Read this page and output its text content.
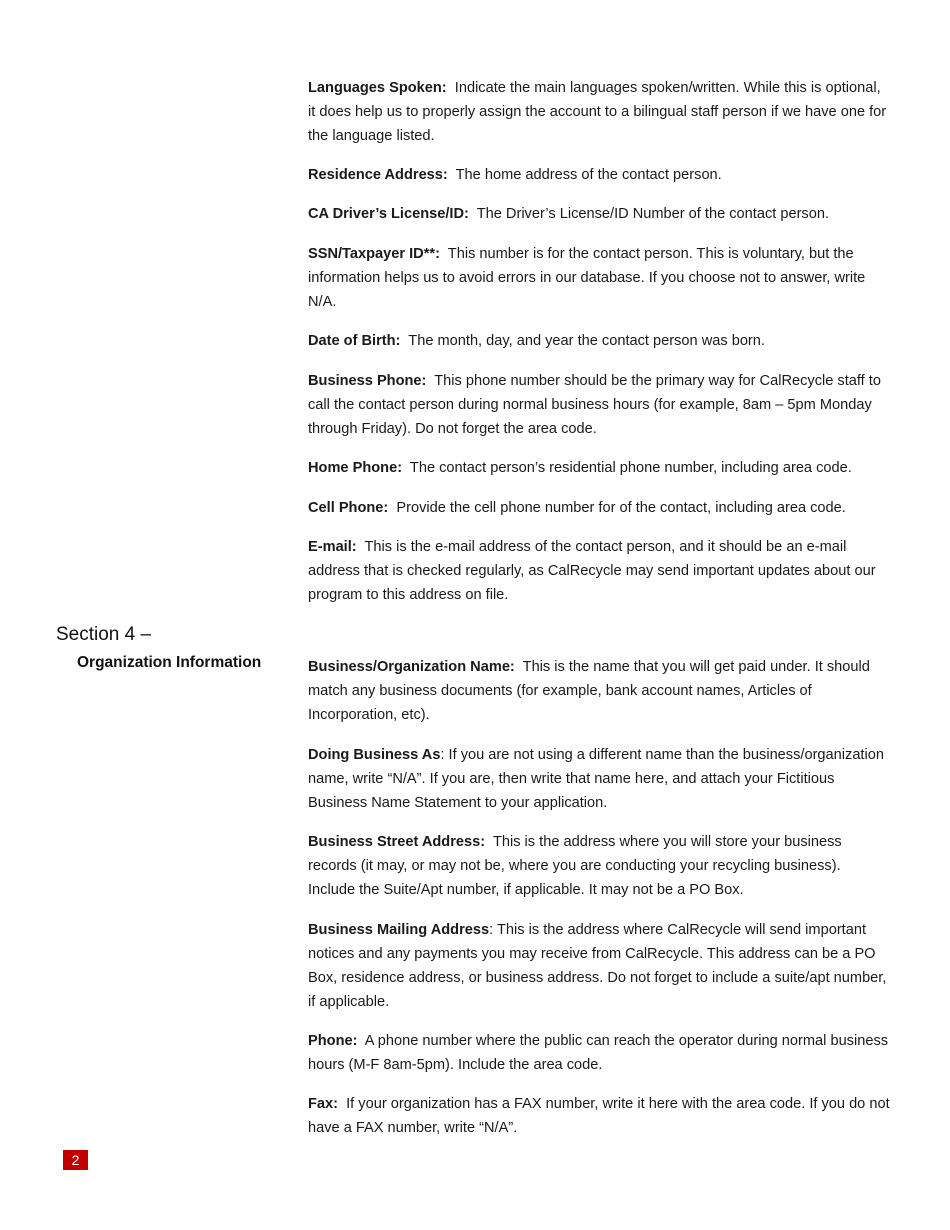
Languages Spoken: Indicate the main languages spoken/written. While this is optional, it does help us to properly assign the account to a bilingual staff person if we have one for the language listed.

Residence Address: The home address of the contact person.

CA Driver’s License/ID: The Driver’s License/ID Number of the contact person.

SSN/Taxpayer ID**: This number is for the contact person. This is voluntary, but the information helps us to avoid errors in our database. If you choose not to answer, write N/A.

Date of Birth: The month, day, and year the contact person was born.

Business Phone: This phone number should be the primary way for CalRecycle staff to call the contact person during normal business hours (for example, 8am – 5pm Monday through Friday). Do not forget the area code.

Home Phone: The contact person’s residential phone number, including area code.

Cell Phone: Provide the cell phone number for of the contact, including area code.

E-mail: This is the e-mail address of the contact person, and it should be an e-mail address that is checked regularly, as CalRecycle may send important updates about our program to this address on file.

Section 4 –
Organization Information	Business/Organization Name: This is the name that you will get paid under. It should match any business documents (for example, bank account names, Articles of Incorporation, etc).

Doing Business As: If you are not using a different name than the business/organization name, write “N/A”. If you are, then write that name here, and attach your Fictitious Business Name Statement to your application.

Business Street Address: This is the address where you will store your business records (it may, or may not be, where you are conducting your recycling business). Include the Suite/Apt number, if applicable. It may not be a PO Box.

Business Mailing Address: This is the address where CalRecycle will send important notices and any payments you may receive from CalRecycle. This address can be a PO Box, residence address, or business address. Do not forget to include a suite/apt number, if applicable.

Phone: A phone number where the public can reach the operator during normal business hours (M-F 8am-5pm). Include the area code.

Fax: If your organization has a FAX number, write it here with the area code. If you do not have a FAX number, write “N/A”.

2
